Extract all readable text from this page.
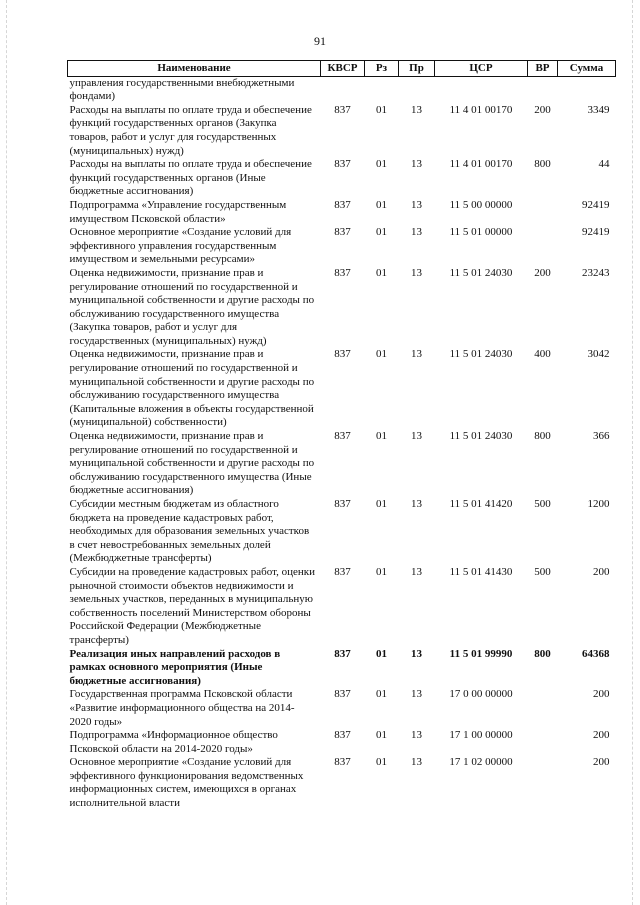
91
Наименование	КВСР	Рз	Пр	ЦСР	ВР	Сумма
управления государственными внебюджетными фондами)						
Расходы на выплаты по оплате труда и обеспечение функций государственных органов (Закупка товаров, работ и услуг для государственных (муниципальных) нужд)	837	01	13	11 4 01 00170	200	3349
Расходы на выплаты по оплате труда и обеспечение функций государственных органов (Иные бюджетные ассигнования)	837	01	13	11 4 01 00170	800	44
Подпрограмма «Управление государственным имуществом Псковской области»	837	01	13	11 5 00 00000		92419
Основное мероприятие «Создание условий для эффективного управления государственным имуществом и земельными ресурсами»	837	01	13	11 5 01 00000		92419
Оценка недвижимости, признание прав и регулирование отношений по государственной и муниципальной собственности и другие расходы по обслуживанию государственного имущества (Закупка товаров, работ и услуг для государственных (муниципальных) нужд)	837	01	13	11 5 01 24030	200	23243
Оценка недвижимости, признание прав и регулирование отношений по государственной и муниципальной собственности и другие расходы по обслуживанию государственного имущества (Капитальные вложения в объекты государственной (муниципальной) собственности)	837	01	13	11 5 01 24030	400	3042
Оценка недвижимости, признание прав и регулирование отношений по государственной и муниципальной собственности и другие расходы по обслуживанию государственного имущества (Иные бюджетные ассигнования)	837	01	13	11 5 01 24030	800	366
Субсидии местным бюджетам из областного бюджета на проведение кадастровых работ, необходимых для образования земельных участков в счет невостребованных земельных долей (Межбюджетные трансферты)	837	01	13	11 5 01 41420	500	1200
Субсидии на проведение кадастровых работ, оценки рыночной стоимости объектов недвижимости и земельных участков, переданных в муниципальную собственность поселений Министерством обороны Российской Федерации (Межбюджетные трансферты)	837	01	13	11 5 01 41430	500	200
Реализация иных направлений расходов в рамках основного мероприятия (Иные бюджетные ассигнования)	837	01	13	11 5 01 99990	800	64368
Государственная программа Псковской области «Развитие информационного общества на 2014-2020 годы»	837	01	13	17 0 00 00000		200
Подпрограмма «Информационное общество Псковской области на 2014-2020 годы»	837	01	13	17 1 00 00000		200
Основное мероприятие «Создание условий для эффективного функционирования ведомственных информационных систем, имеющихся в органах исполнительной власти	837	01	13	17 1 02 00000		200
